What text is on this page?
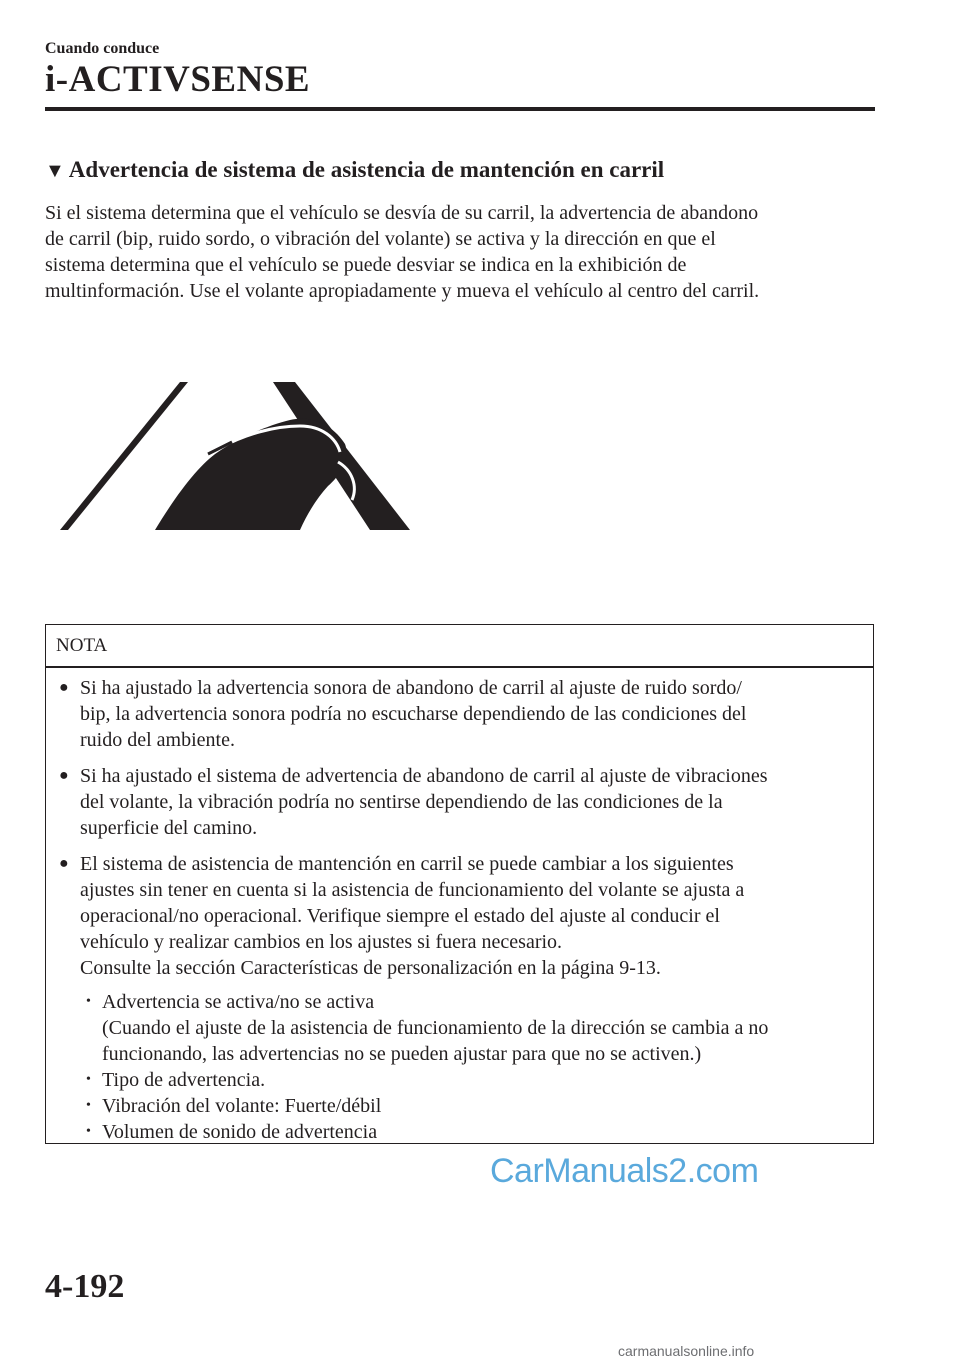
Cuando conduce
i-ACTIVSENSE
▼ Advertencia de sistema de asistencia de mantención en carril

Si el sistema determina que el vehículo se desvía de su carril, la advertencia de abandono

de carril (bip, ruido sordo, o vibración del volante) se activa y la dirección en que el

sistema determina que el vehículo se puede desviar se indica en la exhibición de

multinformación. Use el volante apropiadamente y mueva el vehículo al centro del carril.

NOTA
● Si ha ajustado la advertencia sonora de abandono de carril al ajuste de ruido sordo/

bip, la advertencia sonora podría no escucharse dependiendo de las condiciones del

ruido del ambiente.

● Si ha ajustado el sistema de advertencia de abandono de carril al ajuste de vibraciones

del volante, la vibración podría no sentirse dependiendo de las condiciones de la

superficie del camino.

● El sistema de asistencia de mantención en carril se puede cambiar a los siguientes

ajustes sin tener en cuenta si la asistencia de funcionamiento del volante se ajusta a

operacional/no operacional. Verifique siempre el estado del ajuste al conducir el

vehículo y realizar cambios en los ajustes si fuera necesario.

Consulte la sección Características de personalización en la página 9-13.

• Advertencia se activa/no se activa

(Cuando el ajuste de la asistencia de funcionamiento de la dirección se cambia a no

funcionando, las advertencias no se pueden ajustar para que no se activen.)

• Tipo de advertencia.

• Vibración del volante: Fuerte/débil

• Volumen de sonido de advertencia

CarManuals2.com
4-192
carmanualsonline.info
